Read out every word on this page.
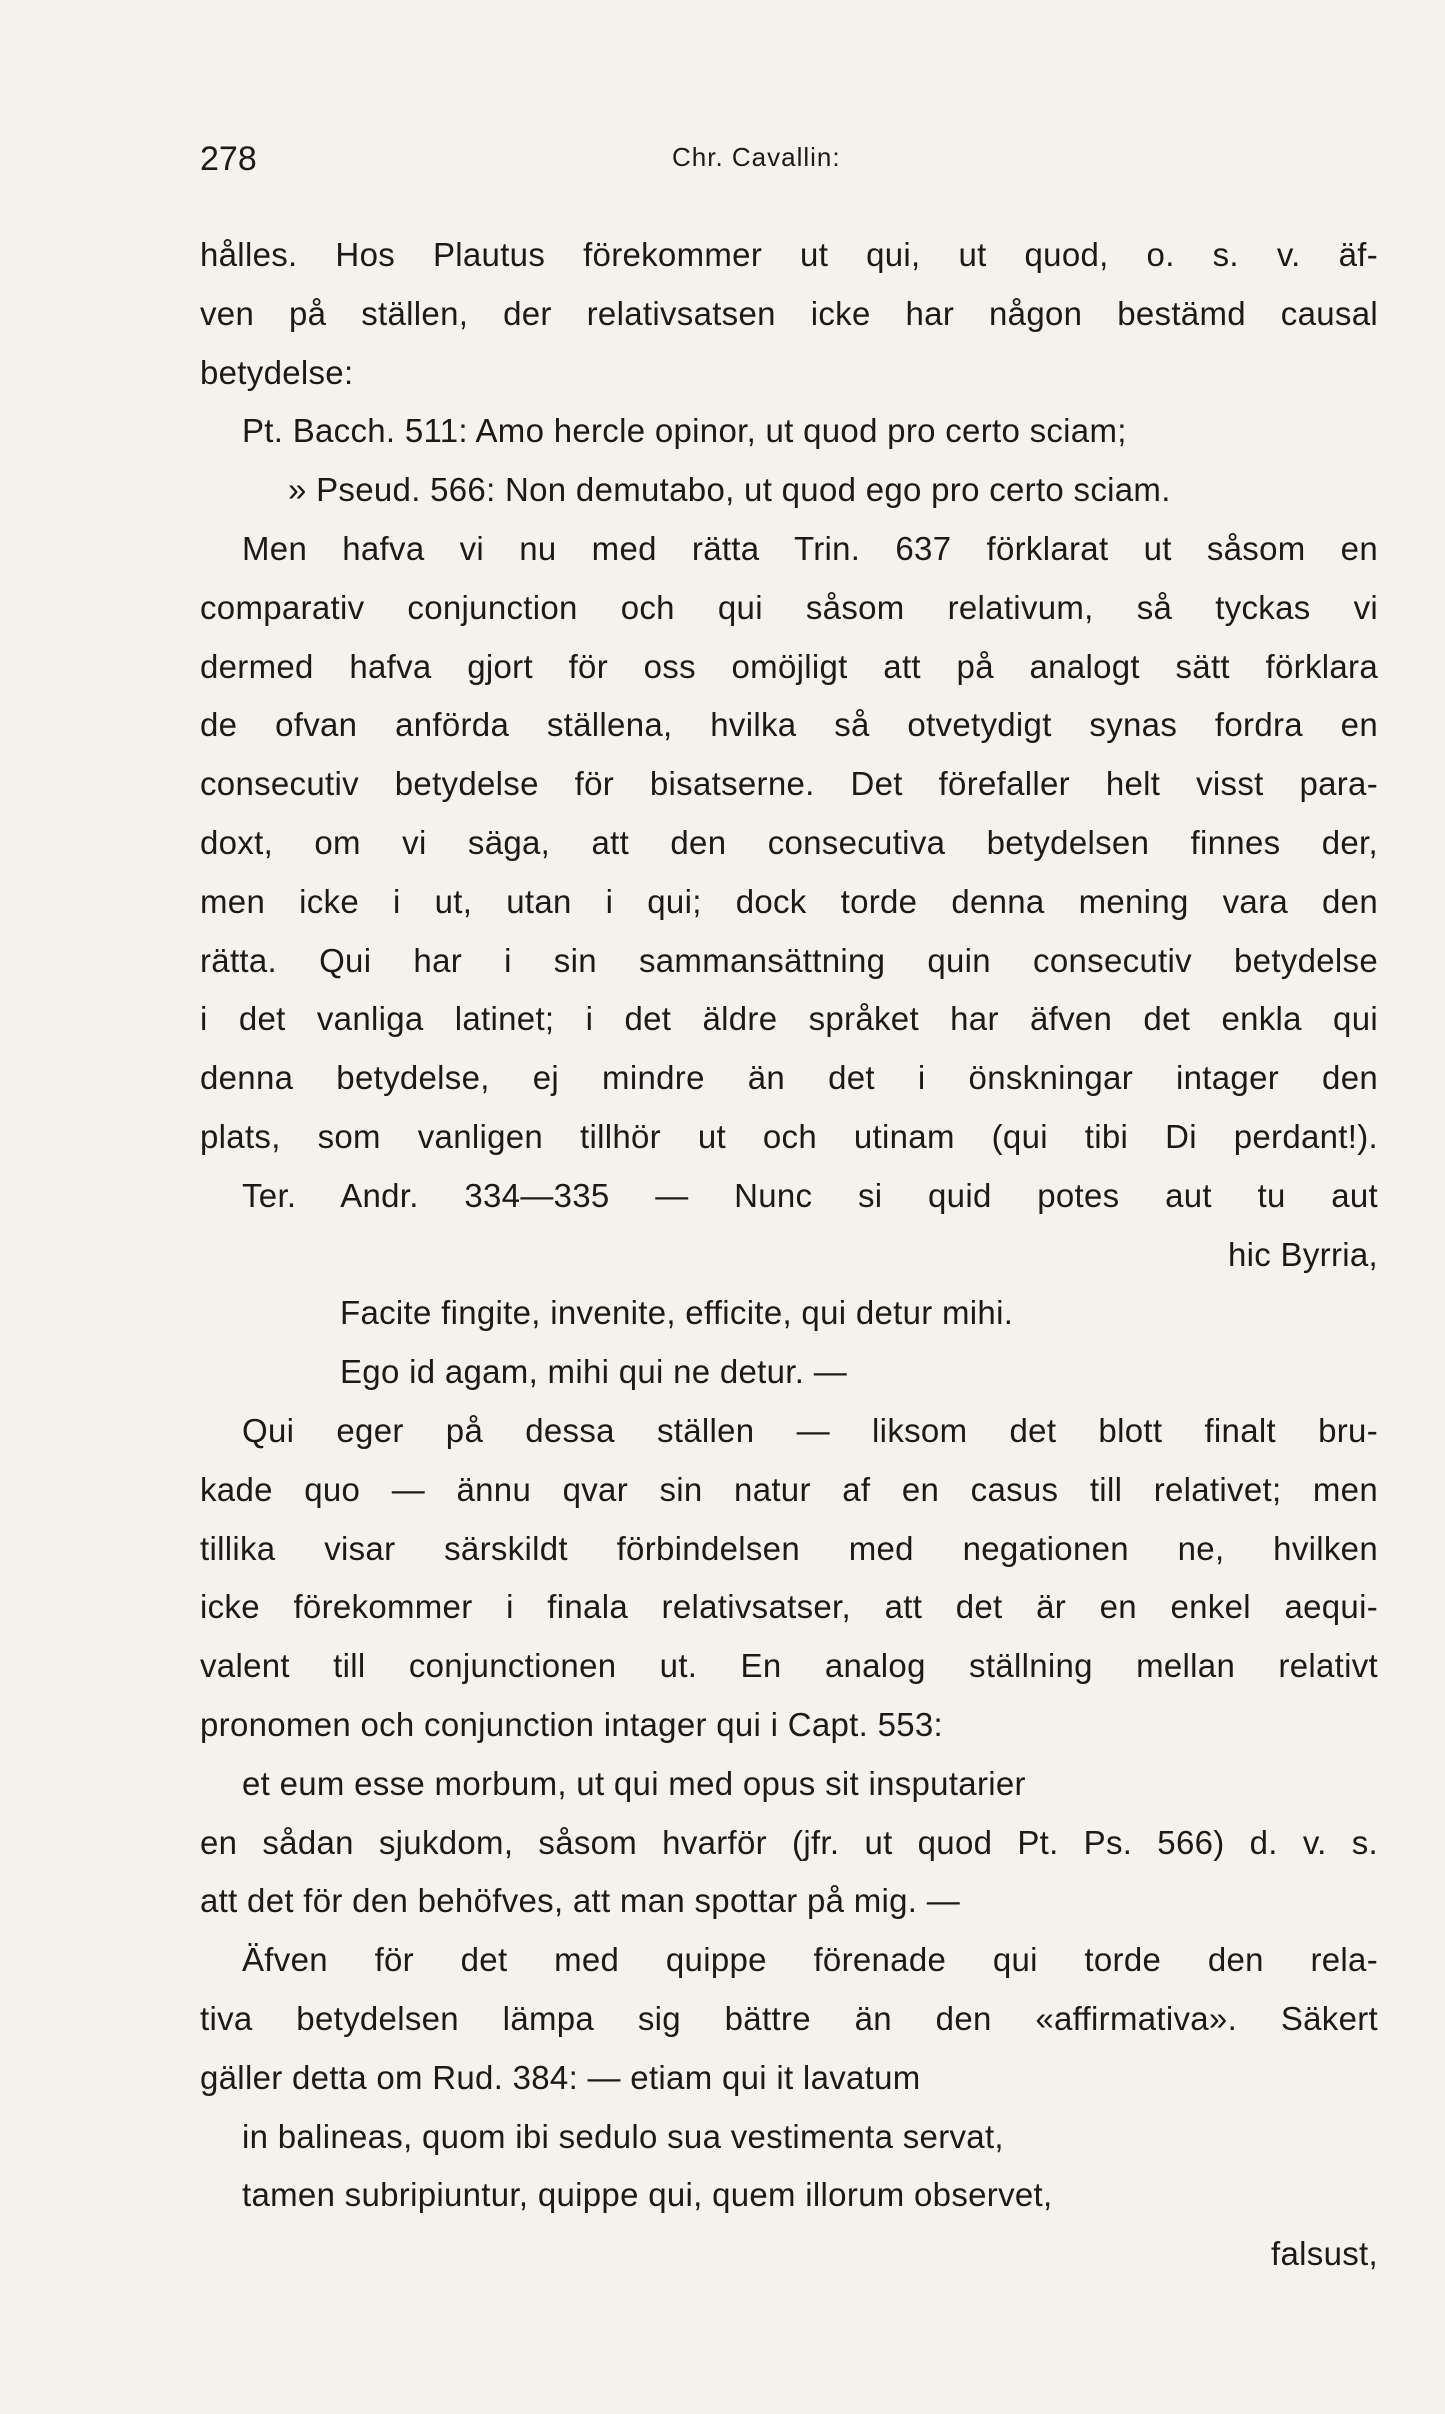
278	Chr. Cavallin:
hålles. Hos Plautus förekommer ut qui, ut quod, o. s. v. äf-
ven på ställen, der relativsatsen icke har någon bestämd causal
betydelse:
Pt. Bacch. 511: Amo hercle opinor, ut quod pro certo sciam;
» Pseud. 566: Non demutabo, ut quod ego pro certo sciam.
Men hafva vi nu med rätta Trin. 637 förklarat ut såsom en
comparativ conjunction och qui såsom relativum, så tyckas vi
dermed hafva gjort för oss omöjligt att på analogt sätt förklara
de ofvan anförda ställena, hvilka så otvetydigt synas fordra en
consecutiv betydelse för bisatserne. Det förefaller helt visst para-
doxt, om vi säga, att den consecutiva betydelsen finnes der,
men icke i ut, utan i qui; dock torde denna mening vara den
rätta. Qui har i sin sammansättning quin consecutiv betydelse
i det vanliga latinet; i det äldre språket har äfven det enkla qui
denna betydelse, ej mindre än det i önskningar intager den
plats, som vanligen tillhör ut och utinam (qui tibi Di perdant!).
Ter. Andr. 334—335 — Nunc si quid potes aut tu aut
hic Byrria,
Facite fingite, invenite, efficite, qui detur mihi.
Ego id agam, mihi qui ne detur. —
Qui eger på dessa ställen — liksom det blott finalt bru-
kade quo — ännu qvar sin natur af en casus till relativet; men
tillika visar särskildt förbindelsen med negationen ne, hvilken
icke förekommer i finala relativsatser, att det är en enkel aequi-
valent till conjunctionen ut. En analog ställning mellan relativt
pronomen och conjunction intager qui i Capt. 553:
et eum esse morbum, ut qui med opus sit insputarier
en sådan sjukdom, såsom hvarför (jfr. ut quod Pt. Ps. 566) d. v. s.
att det för den behöfves, att man spottar på mig. —
Äfven för det med quippe förenade qui torde den rela-
tiva betydelsen lämpa sig bättre än den «affirmativa». Säkert
gäller detta om Rud. 384: — etiam qui it lavatum
in balineas, quom ibi sedulo sua vestimenta servat,
tamen subripiuntur, quippe qui, quem illorum observet,
falsust,
